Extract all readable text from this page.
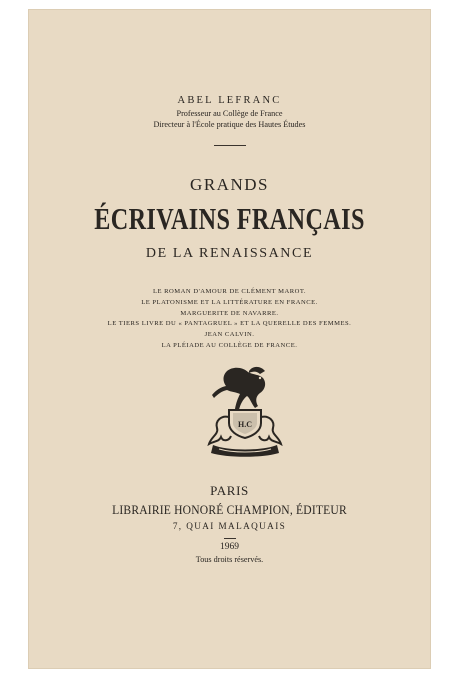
ABEL LEFRANC
Professeur au Collège de France
Directeur à l'École pratique des Hautes Études
GRANDS
ÉCRIVAINS FRANÇAIS
DE LA RENAISSANCE
LE ROMAN D'AMOUR DE CLÉMENT MAROT.
LE PLATONISME ET LA LITTÉRATURE EN FRANCE.
MARGUERITE DE NAVARRE.
LE TIERS LIVRE DU « PANTAGRUEL » ET LA QUERELLE DES FEMMES.
JEAN CALVIN.
LA PLÉIADE AU COLLÈGE DE FRANCE.
H.C
PARIS
LIBRAIRIE HONORÉ CHAMPION, ÉDITEUR
7, QUAI MALAQUAIS
1969
Tous droits réservés.
